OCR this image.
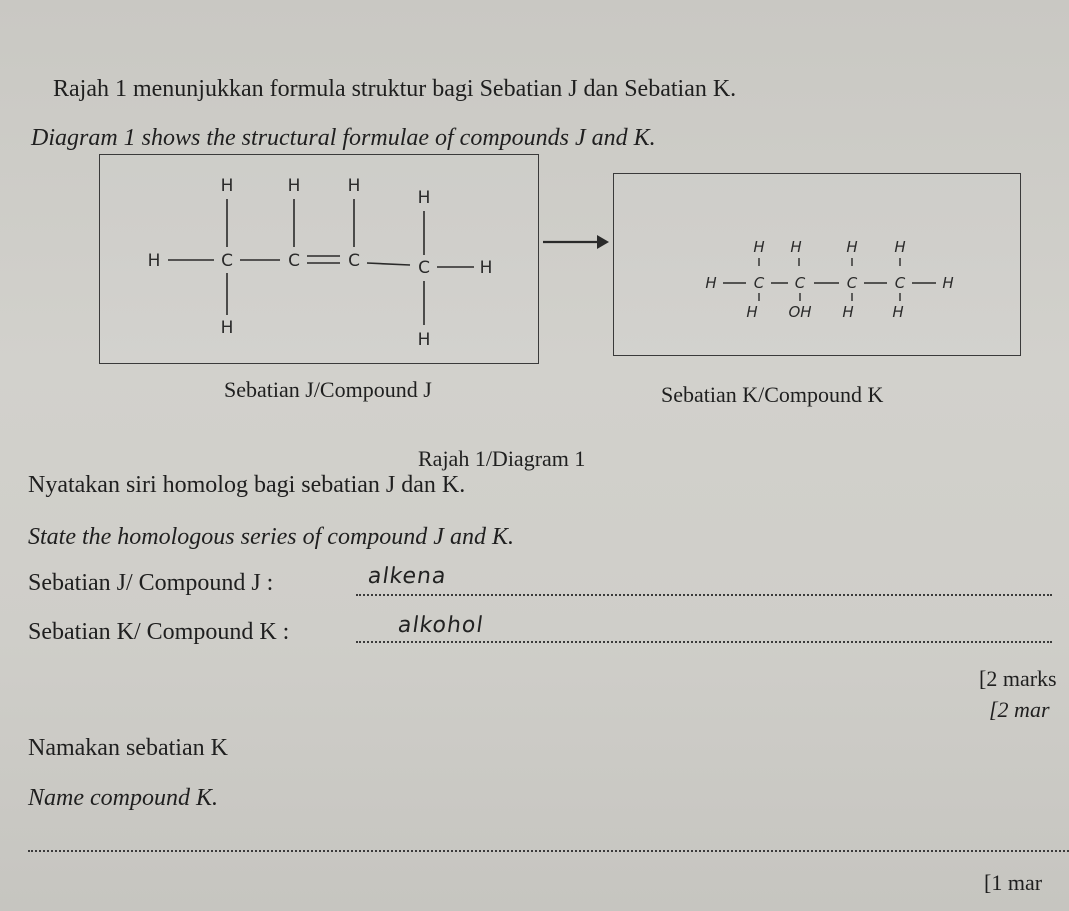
Rajah 1 menunjukkan formula struktur bagi Sebatian J dan Sebatian K.
Diagram 1 shows the structural formulae of compounds J and K.
H	H	H
H
H	C	C	C	C	H
H
H
H H	H H
H C C	C	C H
H OH H	H
Sebatian J/Compound J	Sebatian K/Compound K
Rajah 1/Diagram 1
Nyatakan siri homolog bagi sebatian J dan K.
State the homologous series of compound J and K.
Sebatian J/ Compound J :	alkena
Sebatian K/ Compound K :	alkohol
[2 marks
[2 mar
Namakan sebatian K
Name compound K.
[1 mar
